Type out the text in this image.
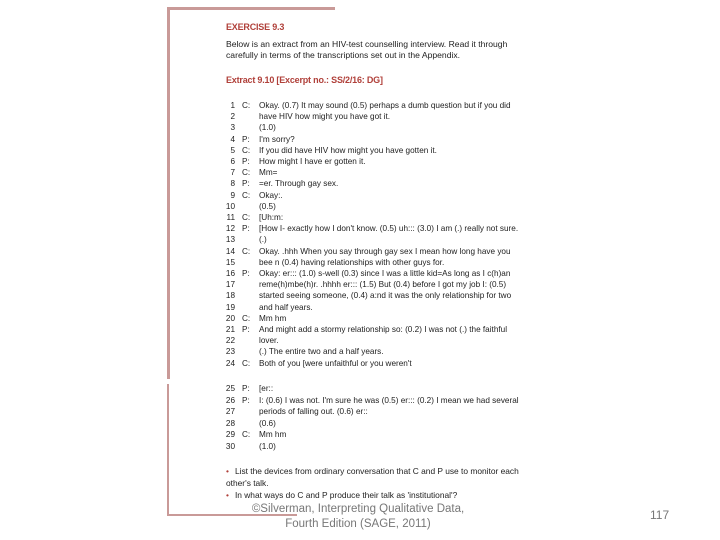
EXERCISE 9.3
Below is an extract from an HIV-test counselling interview. Read it through carefully in terms of the transcriptions set out in the Appendix.
Extract 9.10 [Excerpt no.: SS/2/16: DG]
1 C: Okay. (0.7) It may sound (0.5) perhaps a dumb question but if you did
2	have HIV how might you have got it.
3	(1.0)
4 P: I'm sorry?
5 C: If you did have HIV how might you have gotten it.
6 P: How might I have er gotten it.
7 C: Mm=
8 P: =er. Through gay sex.
9 C: Okay:.
10	(0.5)
11 C: [Uh:m:
12 P: [How I- exactly how I don't know. (0.5) uh::: (3.0) I am (.) really not sure.
13	(.)
14 C: Okay. .hhh When you say through gay sex I mean how long have you
15	bee n (0.4) having relationships with other guys for.
16 P: Okay: er::: (1.0) s-well (0.3) since I was a little kid=As long as I c(h)an
17	reme(h)mbe(h)r. .hhhh er::: (1.5) But (0.4) before I got my job I: (0.5)
18	started seeing someone, (0.4) a:nd it was the only relationship for two
19	and half years.
20 C: Mm hm
21 P: And might add a stormy relationship so: (0.2) I was not (.) the faithful
22	lover.
23	(.) The entire two and a half years.
24 C: Both of you [were unfaithful or you weren't
25 P: [er::
26 P: I: (0.6) I was not. I'm sure he was (0.5) er::: (0.2) I mean we had several
27	periods of falling out. (0.6) er::
28	(0.6)
29 C: Mm hm
30	(1.0)
• List the devices from ordinary conversation that C and P use to monitor each other's talk.
• In what ways do C and P produce their talk as 'institutional'?
©Silverman, Interpreting Qualitative Data,
Fourth Edition (SAGE, 2011)
117
